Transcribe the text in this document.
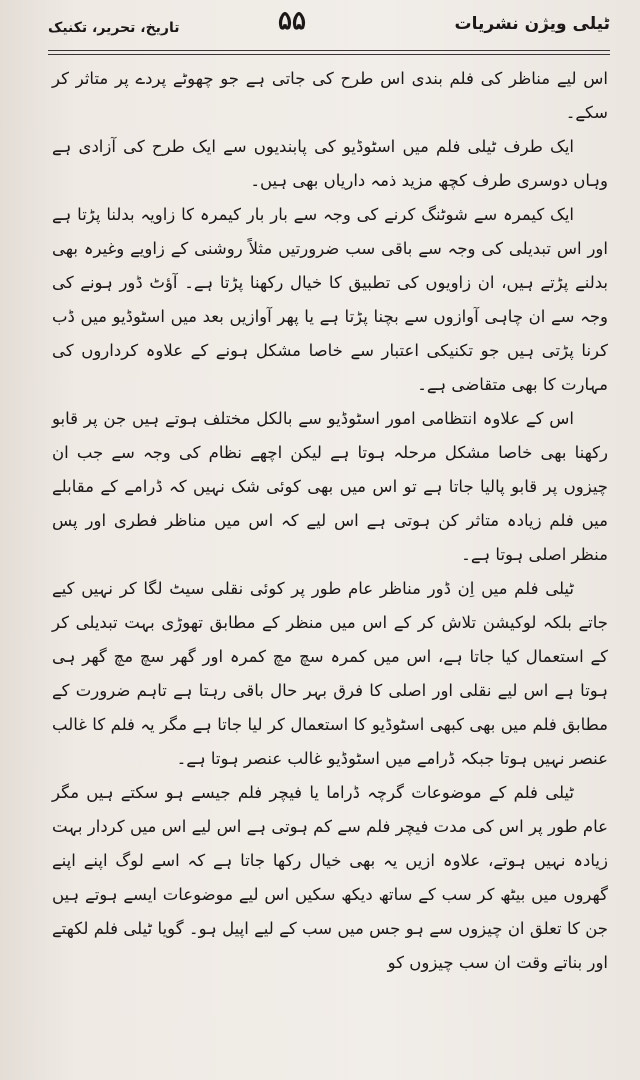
ٹیلی ویژن نشریات
۵۵
تاریخ، تحریر، تکنیک

اس لیے مناظر کی فلم بندی اس طرح کی جاتی ہے جو چھوٹے پردے پر متاثر کر سکے۔

ایک طرف ٹیلی فلم میں اسٹوڈیو کی پابندیوں سے ایک طرح کی آزادی ہے وہاں دوسری طرف کچھ مزید ذمہ داریاں بھی ہیں۔

ایک کیمرہ سے شوٹنگ کرنے کی وجہ سے بار بار کیمرہ کا زاویہ بدلنا پڑتا ہے اور اس تبدیلی کی وجہ سے باقی سب ضرورتیں مثلاً روشنی کے زاویے وغیرہ بھی بدلنے پڑتے ہیں، ان زاویوں کی تطبیق کا خیال رکھنا پڑتا ہے۔ آؤٹ ڈور ہونے کی وجہ سے ان چاہی آوازوں سے بچنا پڑتا ہے یا پھر آوازیں بعد میں اسٹوڈیو میں ڈب کرنا پڑتی ہیں جو تکنیکی اعتبار سے خاصا مشکل ہونے کے علاوہ کرداروں کی مہارت کا بھی متقاضی ہے۔

اس کے علاوہ انتظامی امور اسٹوڈیو سے بالکل مختلف ہوتے ہیں جن پر قابو رکھنا بھی خاصا مشکل مرحلہ ہوتا ہے لیکن اچھے نظام کی وجہ سے جب ان چیزوں پر قابو پالیا جاتا ہے تو اس میں بھی کوئی شک نہیں کہ ڈرامے کے مقابلے میں فلم زیادہ متاثر کن ہوتی ہے اس لیے کہ اس میں مناظر فطری اور پس منظر اصلی ہوتا ہے۔

ٹیلی فلم میں اِن ڈور مناظر عام طور پر کوئی نقلی سیٹ لگا کر نہیں کیے جاتے بلکہ لوکیشن تلاش کر کے اس میں منظر کے مطابق تھوڑی بہت تبدیلی کر کے استعمال کیا جاتا ہے، اس میں کمرہ سچ مچ کمرہ اور گھر سچ مچ گھر ہی ہوتا ہے اس لیے نقلی اور اصلی کا فرق بہر حال باقی رہتا ہے تاہم ضرورت کے مطابق فلم میں بھی کبھی اسٹوڈیو کا استعمال کر لیا جاتا ہے مگر یہ فلم کا غالب عنصر نہیں ہوتا جبکہ ڈرامے میں اسٹوڈیو غالب عنصر ہوتا ہے۔

ٹیلی فلم کے موضوعات گرچہ ڈراما یا فیچر فلم جیسے ہو سکتے ہیں مگر عام طور پر اس کی مدت فیچر فلم سے کم ہوتی ہے اس لیے اس میں کردار بہت زیادہ نہیں ہوتے، علاوہ ازیں یہ بھی خیال رکھا جاتا ہے کہ اسے لوگ اپنے اپنے گھروں میں بیٹھ کر سب کے ساتھ دیکھ سکیں اس لیے موضوعات ایسے ہوتے ہیں جن کا تعلق ان چیزوں سے ہو جس میں سب کے لیے اپیل ہو۔ گویا ٹیلی فلم لکھتے اور بناتے وقت ان سب چیزوں کو
